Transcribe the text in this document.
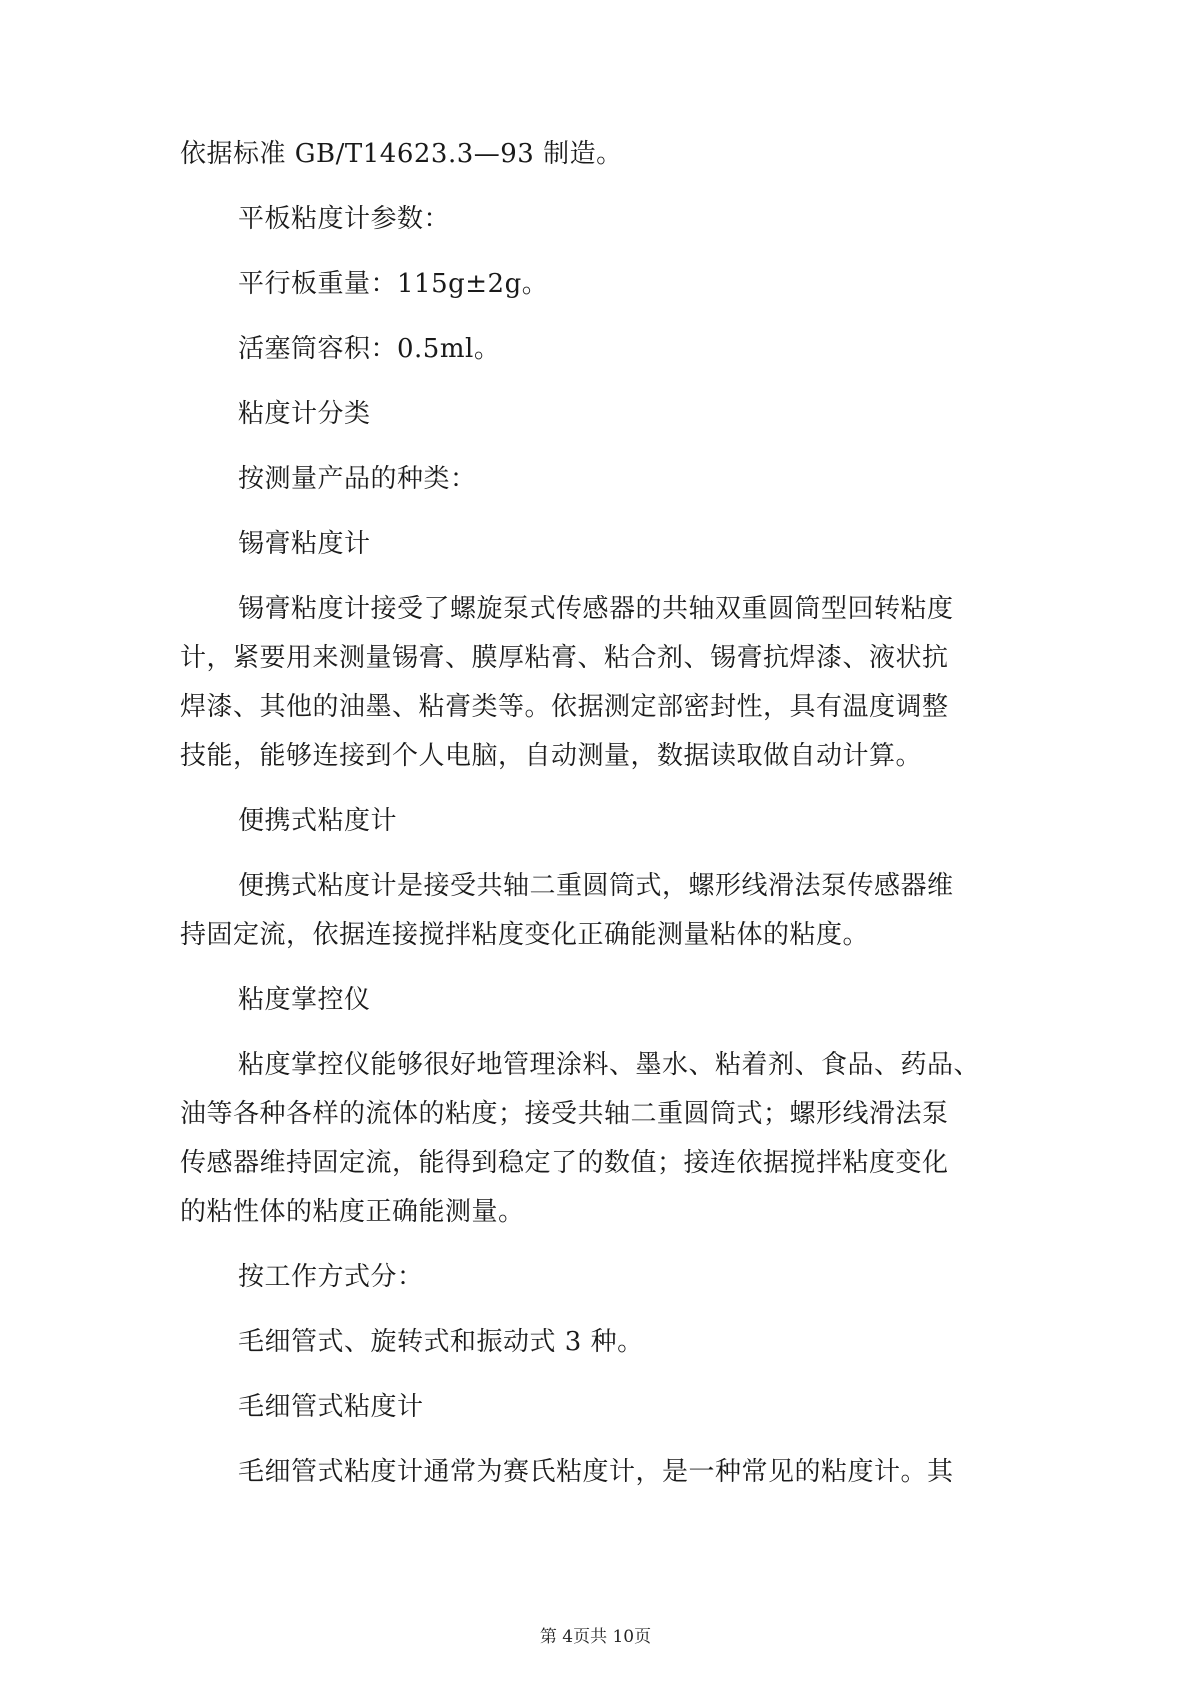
依据标准 GB/T14623.3—93 制造。
平板粘度计参数：
平行板重量：115g±2g。
活塞筒容积：0.5ml。
粘度计分类
按测量产品的种类：
锡膏粘度计
锡膏粘度计接受了螺旋泵式传感器的共轴双重圆筒型回转粘度
计，紧要用来测量锡膏、膜厚粘膏、粘合剂、锡膏抗焊漆、液状抗
焊漆、其他的油墨、粘膏类等。依据测定部密封性，具有温度调整
技能，能够连接到个人电脑，自动测量，数据读取做自动计算。
便携式粘度计
便携式粘度计是接受共轴二重圆筒式，螺形线滑法泵传感器维
持固定流，依据连接搅拌粘度变化正确能测量粘体的粘度。
粘度掌控仪
粘度掌控仪能够很好地管理涂料、墨水、粘着剂、食品、药品、
油等各种各样的流体的粘度；接受共轴二重圆筒式；螺形线滑法泵
传感器维持固定流，能得到稳定了的数值；接连依据搅拌粘度变化
的粘性体的粘度正确能测量。
按工作方式分：
毛细管式、旋转式和振动式 3 种。
毛细管式粘度计
毛细管式粘度计通常为赛氏粘度计，是一种常见的粘度计。其
第 4页共 10页
